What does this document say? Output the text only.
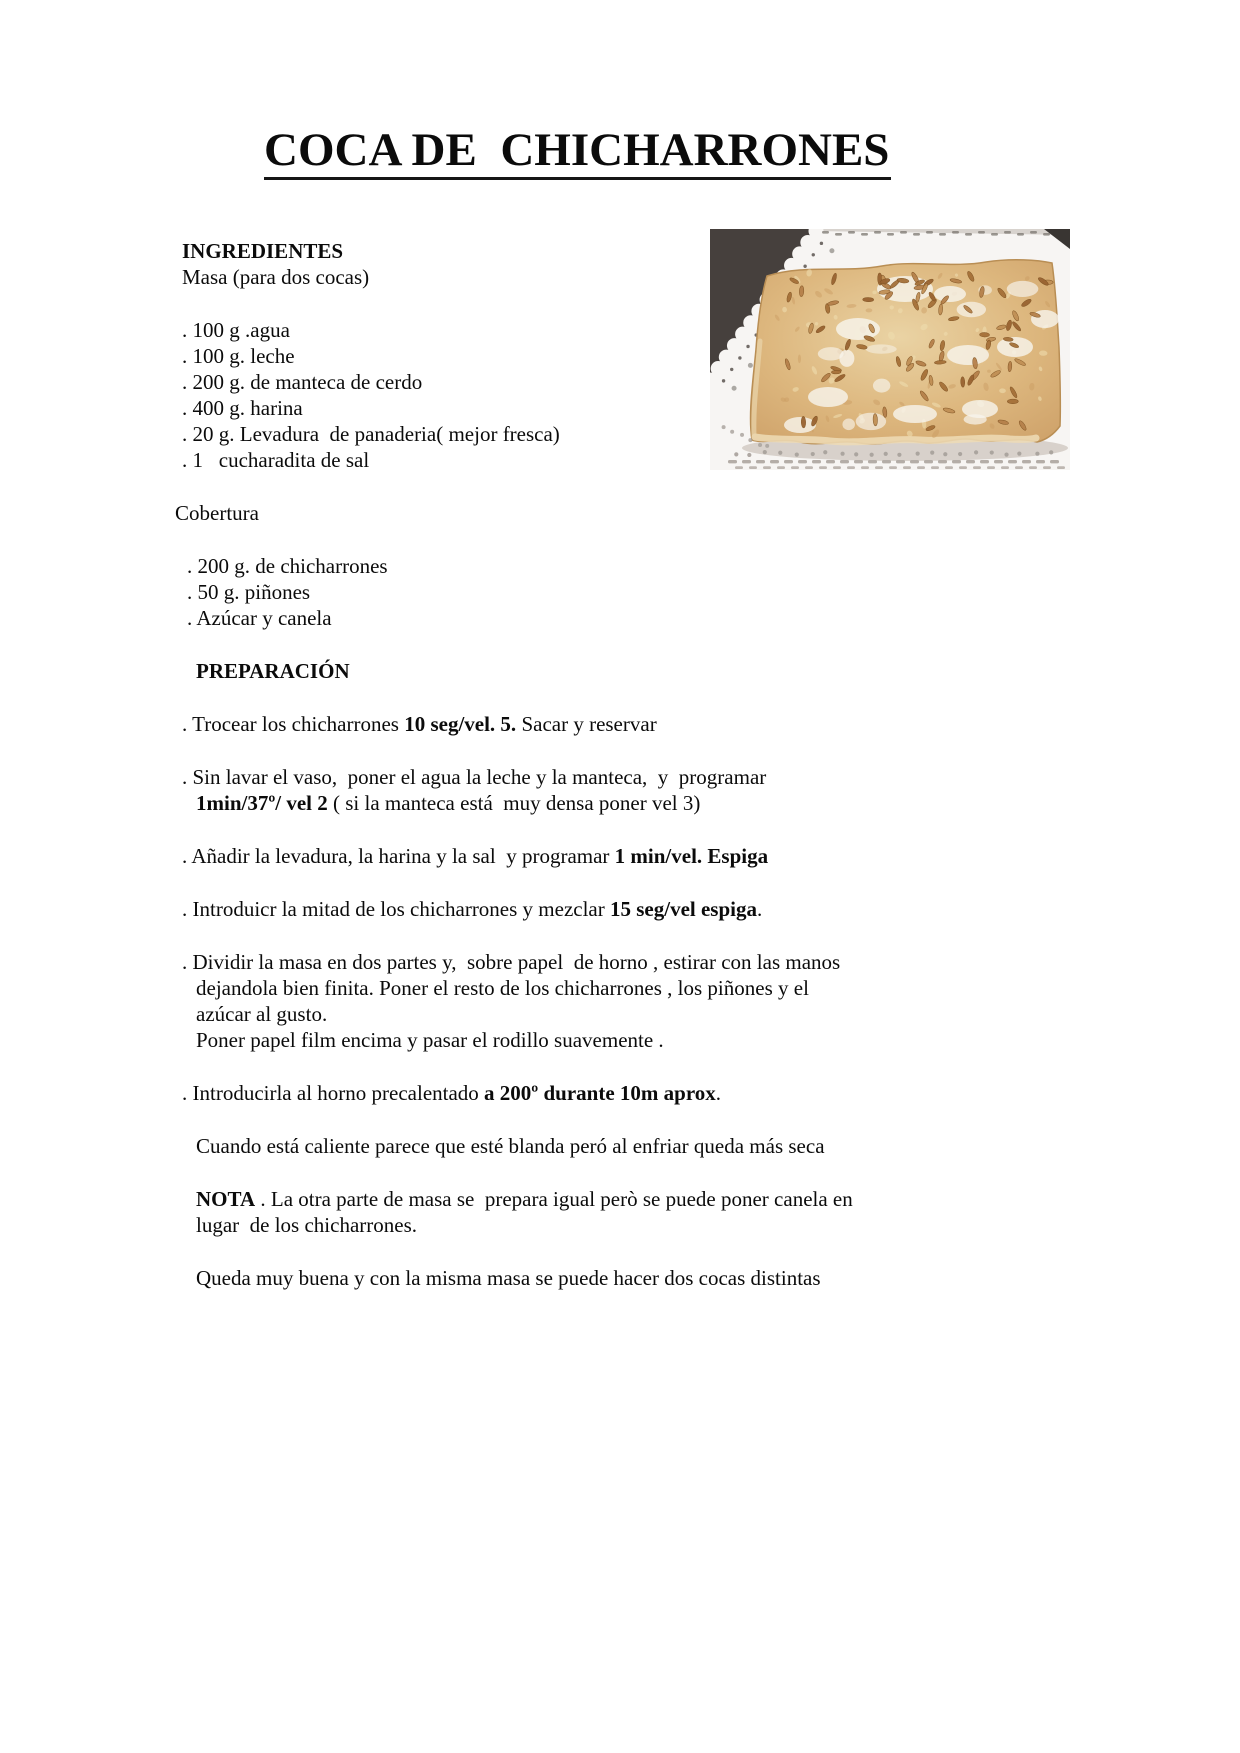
COCA DE  CHICHARRONES
INGREDIENTES
Masa (para dos cocas)
. 100 g .agua
. 100 g. leche
. 200 g. de manteca de cerdo
. 400 g. harina
. 20 g. Levadura  de panaderia( mejor fresca)
. 1   cucharadita de sal
Cobertura
. 200 g. de chicharrones
. 50 g. piñones
. Azúcar y canela
PREPARACIÓN
. Trocear los chicharrones 10 seg/vel. 5. Sacar y reservar
. Sin lavar el vaso,  poner el agua la leche y la manteca,  y  programar
1min/37º/ vel 2 ( si la manteca está  muy densa poner vel 3)
. Añadir la levadura, la harina y la sal  y programar 1 min/vel. Espiga
. Introduicr la mitad de los chicharrones y mezclar 15 seg/vel espiga.
. Dividir la masa en dos partes y,  sobre papel  de horno , estirar con las manos
dejandola bien finita. Poner el resto de los chicharrones , los piñones y el
azúcar al gusto.
Poner papel film encima y pasar el rodillo suavemente .
. Introducirla al horno precalentado a 200º durante 10m aprox.
Cuando está caliente parece que esté blanda peró al enfriar queda más seca
NOTA . La otra parte de masa se  prepara igual però se puede poner canela en
lugar  de los chicharrones.
Queda muy buena y con la misma masa se puede hacer dos cocas distintas
